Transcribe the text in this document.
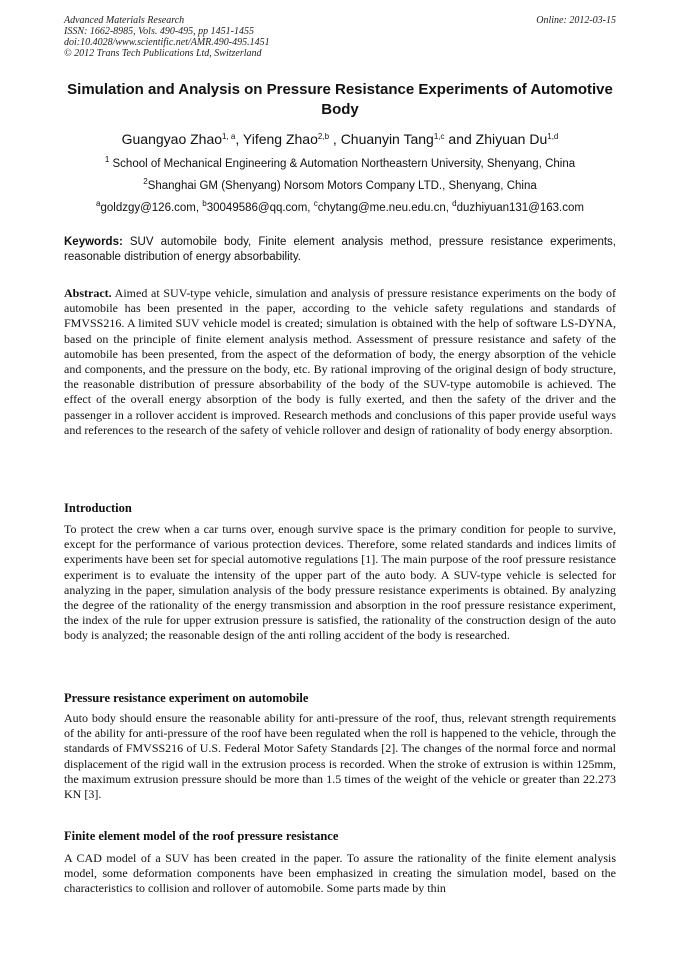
Advanced Materials Research
ISSN: 1662-8985, Vols. 490-495, pp 1451-1455
doi:10.4028/www.scientific.net/AMR.490-495.1451
© 2012 Trans Tech Publications Ltd, Switzerland
Online: 2012-03-15
Simulation and Analysis on Pressure Resistance Experiments of Automotive Body
Guangyao Zhao$^{1, a}$, Yifeng Zhao$^{2,b}$ , Chuanyin Tang$^{1,c}$ and Zhiyuan Du$^{1,d}$
$^1$ School of Mechanical Engineering & Automation Northeastern University, Shenyang, China
$^2$Shanghai GM (Shenyang) Norsom Motors Company LTD., Shenyang, China
$^a$goldzgy@126.com, $^b$30049586@qq.com, $^c$chytang@me.neu.edu.cn, $^d$duzhiyuan131@163.com
Keywords: SUV automobile body, Finite element analysis method, pressure resistance experiments, reasonable distribution of energy absorbability.
Abstract. Aimed at SUV-type vehicle, simulation and analysis of pressure resistance experiments on the body of automobile has been presented in the paper, according to the vehicle safety regulations and standards of FMVSS216. A limited SUV vehicle model is created; simulation is obtained with the help of software LS-DYNA, based on the principle of finite element analysis method. Assessment of pressure resistance and safety of the automobile has been presented, from the aspect of the deformation of body, the energy absorption of the vehicle and components, and the pressure on the body, etc. By rational improving of the original design of body structure, the reasonable distribution of pressure absorbability of the body of the SUV-type automobile is achieved. The effect of the overall energy absorption of the body is fully exerted, and then the safety of the driver and the passenger in a rollover accident is improved. Research methods and conclusions of this paper provide useful ways and references to the research of the safety of vehicle rollover and design of rationality of body energy absorption.
Introduction
To protect the crew when a car turns over, enough survive space is the primary condition for people to survive, except for the performance of various protection devices. Therefore, some related standards and indices limits of experiments have been set for special automotive regulations [1]. The main purpose of the roof pressure resistance experiment is to evaluate the intensity of the upper part of the auto body. A SUV-type vehicle is selected for analyzing in the paper, simulation analysis of the body pressure resistance experiments is obtained. By analyzing the degree of the rationality of the energy transmission and absorption in the roof pressure resistance experiment, the index of the rule for upper extrusion pressure is satisfied, the rationality of the construction design of the auto body is analyzed; the reasonable design of the anti rolling accident of the body is researched.
Pressure resistance experiment on automobile
Auto body should ensure the reasonable ability for anti-pressure of the roof, thus, relevant strength requirements of the ability for anti-pressure of the roof have been regulated when the roll is happened to the vehicle, through the standards of FMVSS216 of U.S. Federal Motor Safety Standards [2]. The changes of the normal force and normal displacement of the rigid wall in the extrusion process is recorded. When the stroke of extrusion is within 125mm, the maximum extrusion pressure should be more than 1.5 times of the weight of the vehicle or greater than 22.273 KN [3].
Finite element model of the roof pressure resistance
A CAD model of a SUV has been created in the paper. To assure the rationality of the finite element analysis model, some deformation components have been emphasized in creating the simulation model, based on the characteristics to collision and rollover of automobile. Some parts made by thin
